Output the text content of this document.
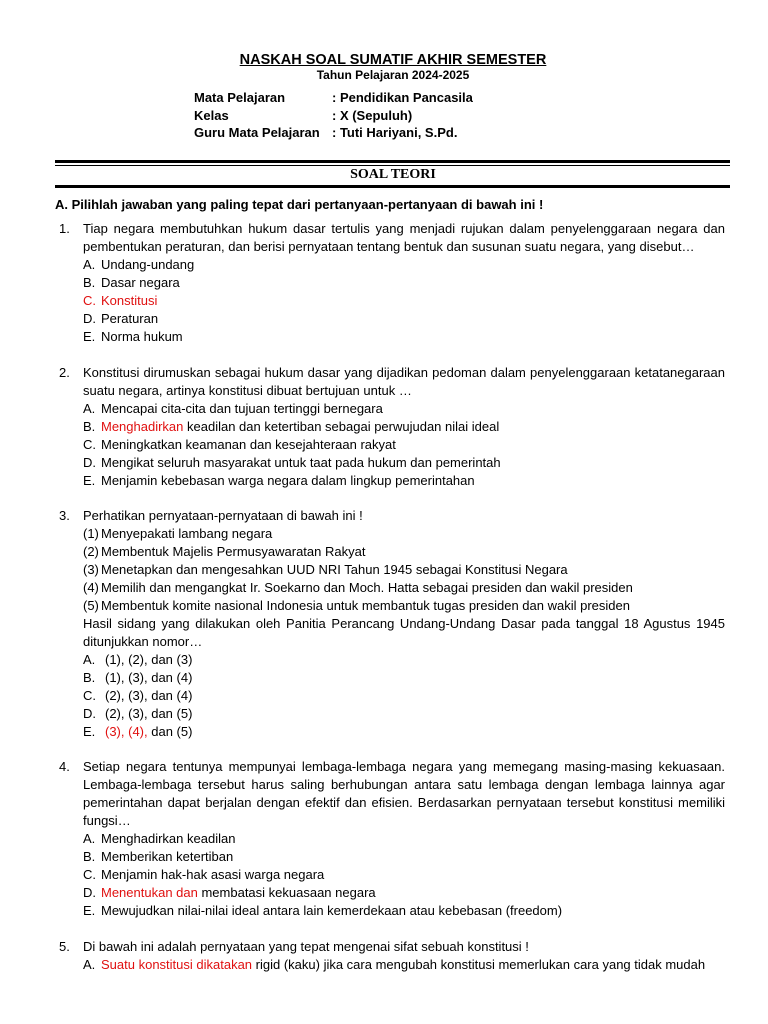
NASKAH SOAL SUMATIF AKHIR SEMESTER
Tahun Pelajaran 2024-2025
Mata Pelajaran	: Pendidikan Pancasila
Kelas	: X (Sepuluh)
Guru Mata Pelajaran : Tuti Hariyani, S.Pd.
SOAL TEORI
A. Pilihlah jawaban yang paling tepat dari pertanyaan-pertanyaan di bawah ini !
1. Tiap negara membutuhkan hukum dasar tertulis yang menjadi rujukan dalam penyelenggaraan negara dan pembentukan peraturan, dan berisi pernyataan tentang bentuk dan susunan suatu negara, yang disebut…
A. Undang-undang
B. Dasar negara
C. Konstitusi
D. Peraturan
E. Norma hukum
2. Konstitusi dirumuskan sebagai hukum dasar yang dijadikan pedoman dalam penyelenggaraan ketatanegaraan suatu negara, artinya konstitusi dibuat bertujuan untuk …
A. Mencapai cita-cita dan tujuan tertinggi bernegara
B. Menghadirkan keadilan dan ketertiban sebagai perwujudan nilai ideal
C. Meningkatkan keamanan dan kesejahteraan rakyat
D. Mengikat seluruh masyarakat untuk taat pada hukum dan pemerintah
E. Menjamin kebebasan warga negara dalam lingkup pemerintahan
3. Perhatikan pernyataan-pernyataan di bawah ini !
(1) Menyepakati lambang negara
(2) Membentuk Majelis Permusyawaratan Rakyat
(3) Menetapkan dan mengesahkan UUD NRI Tahun 1945 sebagai Konstitusi Negara
(4) Memilih dan mengangkat Ir. Soekarno dan Moch. Hatta sebagai presiden dan wakil presiden
(5) Membentuk komite nasional Indonesia untuk membantuk tugas presiden dan wakil presiden
Hasil sidang yang dilakukan oleh Panitia Perancang Undang-Undang Dasar pada tanggal 18 Agustus 1945 ditunjukkan nomor…
A. (1), (2), dan (3)
B. (1), (3), dan (4)
C. (2), (3), dan (4)
D. (2), (3), dan (5)
E. (3), (4), dan (5)
4. Setiap negara tentunya mempunyai lembaga-lembaga negara yang memegang masing-masing kekuasaan. Lembaga-lembaga tersebut harus saling berhubungan antara satu lembaga dengan lembaga lainnya agar pemerintahan dapat berjalan dengan efektif dan efisien. Berdasarkan pernyataan tersebut konstitusi memiliki fungsi…
A. Menghadirkan keadilan
B. Memberikan ketertiban
C. Menjamin hak-hak asasi warga negara
D. Menentukan dan membatasi kekuasaan negara
E. Mewujudkan nilai-nilai ideal antara lain kemerdekaan atau kebebasan (freedom)
5. Di bawah ini adalah pernyataan yang tepat mengenai sifat sebuah konstitusi !
A. Suatu konstitusi dikatakan rigid (kaku) jika cara mengubah konstitusi memerlukan cara yang tidak mudah
